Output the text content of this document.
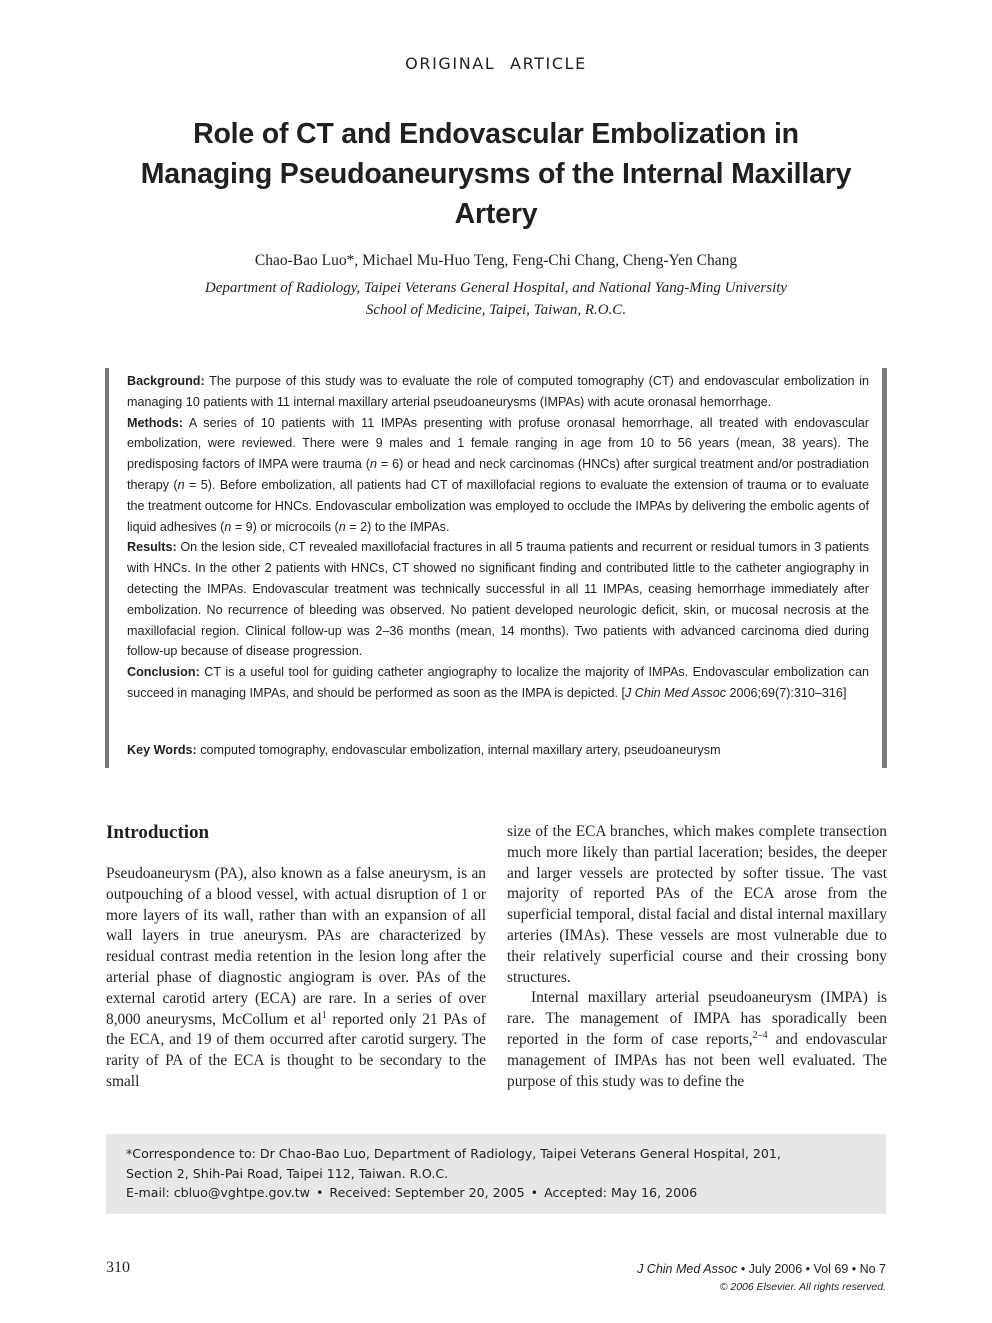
ORIGINAL ARTICLE
Role of CT and Endovascular Embolization in Managing Pseudoaneurysms of the Internal Maxillary Artery
Chao-Bao Luo*, Michael Mu-Huo Teng, Feng-Chi Chang, Cheng-Yen Chang
Department of Radiology, Taipei Veterans General Hospital, and National Yang-Ming University School of Medicine, Taipei, Taiwan, R.O.C.

Background: The purpose of this study was to evaluate the role of computed tomography (CT) and endovascular embolization in managing 10 patients with 11 internal maxillary arterial pseudoaneurysms (IMPAs) with acute oronasal hemorrhage.

Methods: A series of 10 patients with 11 IMPAs presenting with profuse oronasal hemorrhage, all treated with endovascular embolization, were reviewed. There were 9 males and 1 female ranging in age from 10 to 56 years (mean, 38 years). The predisposing factors of IMPA were trauma (n = 6) or head and neck carcinomas (HNCs) after surgical treatment and/or postradiation therapy (n = 5). Before embolization, all patients had CT of maxillofacial regions to evaluate the extension of trauma or to evaluate the treatment outcome for HNCs. Endovascular embolization was employed to occlude the IMPAs by delivering the embolic agents of liquid adhesives (n = 9) or microcoils (n = 2) to the IMPAs.

Results: On the lesion side, CT revealed maxillofacial fractures in all 5 trauma patients and recurrent or residual tumors in 3 patients with HNCs. In the other 2 patients with HNCs, CT showed no significant finding and contributed little to the catheter angiography in detecting the IMPAs. Endovascular treatment was technically successful in all 11 IMPAs, ceasing hemorrhage immediately after embolization. No recurrence of bleeding was observed. No patient developed neurologic deficit, skin, or mucosal necrosis at the maxillofacial region. Clinical follow-up was 2–36 months (mean, 14 months). Two patients with advanced carcinoma died during follow-up because of disease progression.

Conclusion: CT is a useful tool for guiding catheter angiography to localize the majority of IMPAs. Endovascular embolization can succeed in managing IMPAs, and should be performed as soon as the IMPA is depicted. [J Chin Med Assoc 2006;69(7):310–316]

Key Words: computed tomography, endovascular embolization, internal maxillary artery, pseudoaneurysm
Introduction

Pseudoaneurysm (PA), also known as a false aneurysm, is an outpouching of a blood vessel, with actual disruption of 1 or more layers of its wall, rather than with an expansion of all wall layers in true aneurysm. PAs are characterized by residual contrast media retention in the lesion long after the arterial phase of diagnostic angiogram is over. PAs of the external carotid artery (ECA) are rare. In a series of over 8,000 aneurysms, McCollum et $al^1$ reported only 21 PAs of the ECA, and 19 of them occurred after carotid surgery. The rarity of PA of the ECA is thought to be secondary to the small

size of the ECA branches, which makes complete transection much more likely than partial laceration; besides, the deeper and larger vessels are protected by softer tissue. The vast majority of reported PAs of the ECA arose from the superficial temporal, distal facial and distal internal maxillary arteries (IMAs). These vessels are most vulnerable due to their relatively superficial course and their crossing bony structures.

Internal maxillary arterial pseudoaneurysm (IMPA) is rare. The management of IMPA has sporadically been reported in the form of case reports,$^{2-4}$ and endovascular management of IMPAs has not been well evaluated. The purpose of this study was to define the

*Correspondence to: Dr Chao-Bao Luo, Department of Radiology, Taipei Veterans General Hospital, 201,
Section 2, Shih-Pai Road, Taipei 112, Taiwan. R.O.C.
E-mail: cbluo@vghtpe.gov.tw • Received: September 20, 2005 • Accepted: May 16, 2006
310	J Chin Med Assoc • July 2006 • Vol 69 • No 7
© 2006 Elsevier. All rights reserved.
